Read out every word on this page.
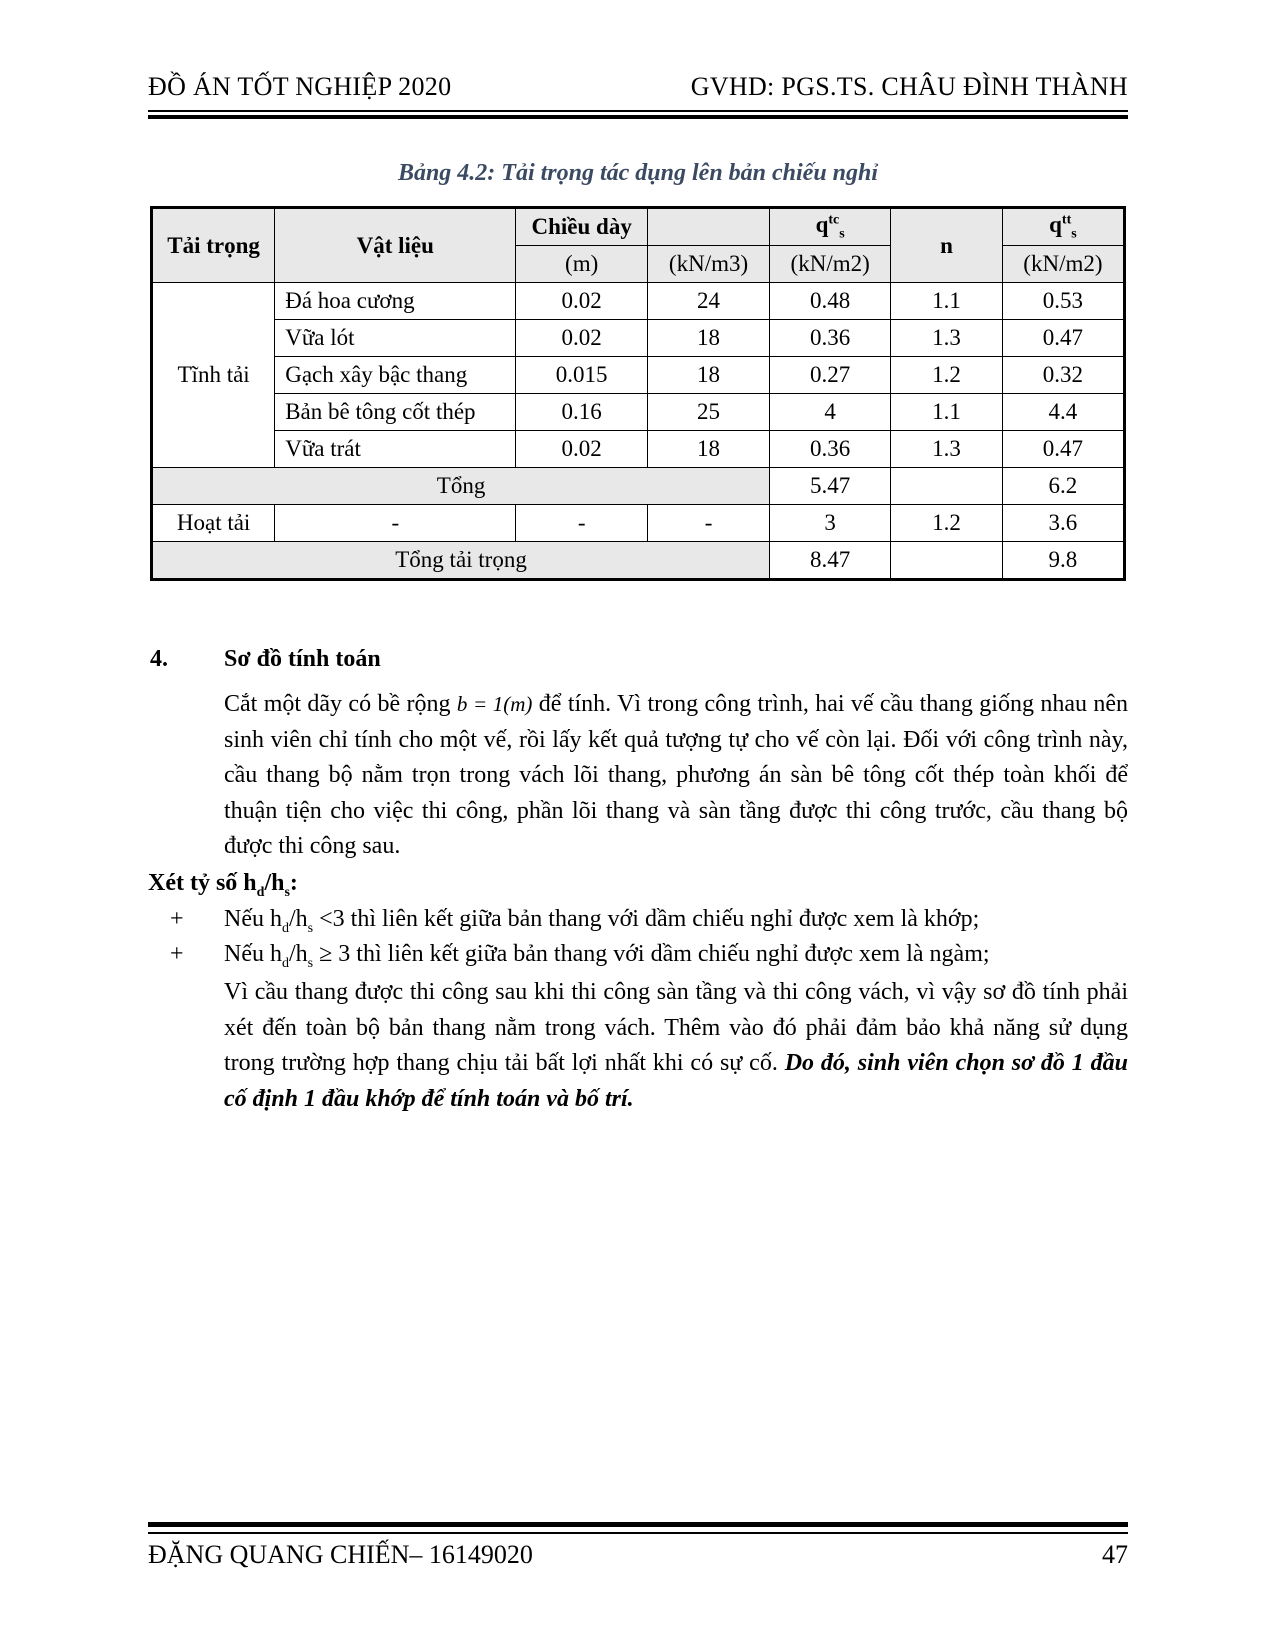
ĐỒ ÁN TỐT NGHIỆP 2020	GVHD: PGS.TS. CHÂU ĐÌNH THÀNH
Bảng 4.2: Tải trọng tác dụng lên bản chiếu nghỉ
Tải trọng	Vật liệu	Chiều dày		$q^{tc}_s$	n	$q^{tt}_s$
		(m)	(kN/m3)	(kN/m2)		(kN/m2)
Tĩnh tải	Đá hoa cương	0.02	24	0.48	1.1	0.53
	Vữa lót	0.02	18	0.36	1.3	0.47
	Gạch xây bậc thang	0.015	18	0.27	1.2	0.32
	Bản bê tông cốt thép	0.16	25	4	1.1	4.4
	Vữa trát	0.02	18	0.36	1.3	0.47
Tổng				5.47		6.2
Hoạt tải	-	-	-	3	1.2	3.6
Tổng tải trọng				8.47		9.8
4. Sơ đồ tính toán
Cắt một dãy có bề rộng b = 1(m) để tính. Vì trong công trình, hai vế cầu thang giống nhau nên sinh viên chỉ tính cho một vế, rồi lấy kết quả tượng tự cho vế còn lại. Đối với công trình này, cầu thang bộ nằm trọn trong vách lõi thang, phương án sàn bê tông cốt thép toàn khối để thuận tiện cho việc thi công, phần lõi thang và sàn tầng được thi công trước, cầu thang bộ được thi công sau.
Xét tỷ số $h_d/h_s$:
+ Nếu $h_d/h_s <3$ thì liên kết giữa bản thang với dầm chiếu nghỉ được xem là khớp;
+ Nếu $h_d/h_s \ge 3$ thì liên kết giữa bản thang với dầm chiếu nghỉ được xem là ngàm;
Vì cầu thang được thi công sau khi thi công sàn tầng và thi công vách, vì vậy sơ đồ tính phải xét đến toàn bộ bản thang nằm trong vách. Thêm vào đó phải đảm bảo khả năng sử dụng trong trường hợp thang chịu tải bất lợi nhất khi có sự cố. Do đó, sinh viên chọn sơ đồ 1 đầu cố định 1 đầu khớp để tính toán và bố trí.
ĐẶNG QUANG CHIẾN– 16149020	47
